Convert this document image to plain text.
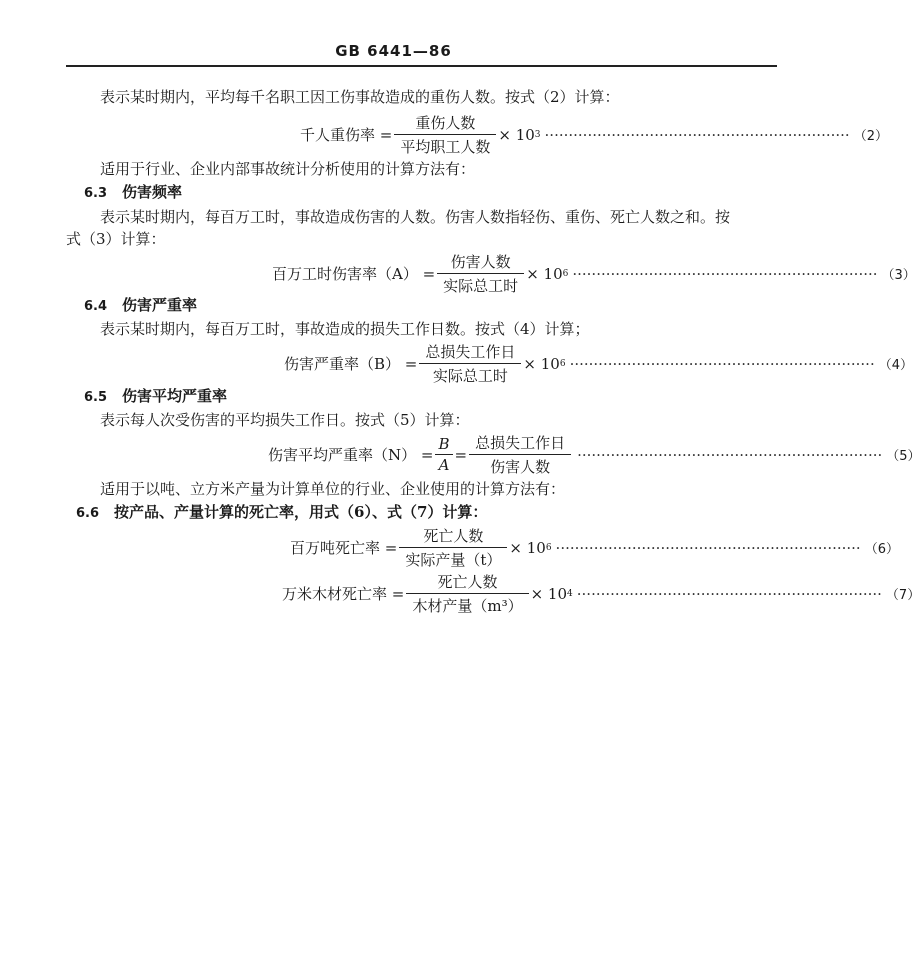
GB 6441—86
表示某时期内，平均每千名职工因工伤事故造成的重伤人数。按式（2）计算：
千人重伤率 = $\frac{\text{重伤人数}}{\text{平均职工人数}} \times 10$ 3 ································································ （2）
适用于行业、企业内部事故统计分析使用的计算方法有：
6.3 伤害频率
表示某时期内，每百万工时，事故造成伤害的人数。伤害人数指轻伤、重伤、死亡人数之和。按
式（3）计算：
百万工时伤害率$(A) = \frac{\text{伤害人数}}{\text{实际总工时}} \times 10$ 6 ································································ （3）
6.4 伤害严重率
表示某时期内，每百万工时，事故造成的损失工作日数。按式（4）计算；
伤害严重率$(B) = \frac{\text{总损失工作日}}{\text{实际总工时}} \times 10$ 6 ································································ （4）
6.5 伤害平均严重率
表示每人次受伤害的平均损失工作日。按式（5）计算：
伤害平均严重率$(N) = \frac{B}{A} = \frac{\text{总损失工作日}}{\text{伤害人数}}$ ································································ （5）
适用于以吨、立方米产量为计算单位的行业、企业使用的计算方法有：
6.6 按产品、产量计算的死亡率，用式（6）、式（7）计算：
百万吨死亡率 = $\frac{\text{死亡人数}}{\text{实际产量（t）}} \times 10$ 6 ································································ （6）
万米木材死亡率 = $\frac{\text{死亡人数}}{\text{木材产量（m³）}} \times 10$ 4 ································································ （7）
